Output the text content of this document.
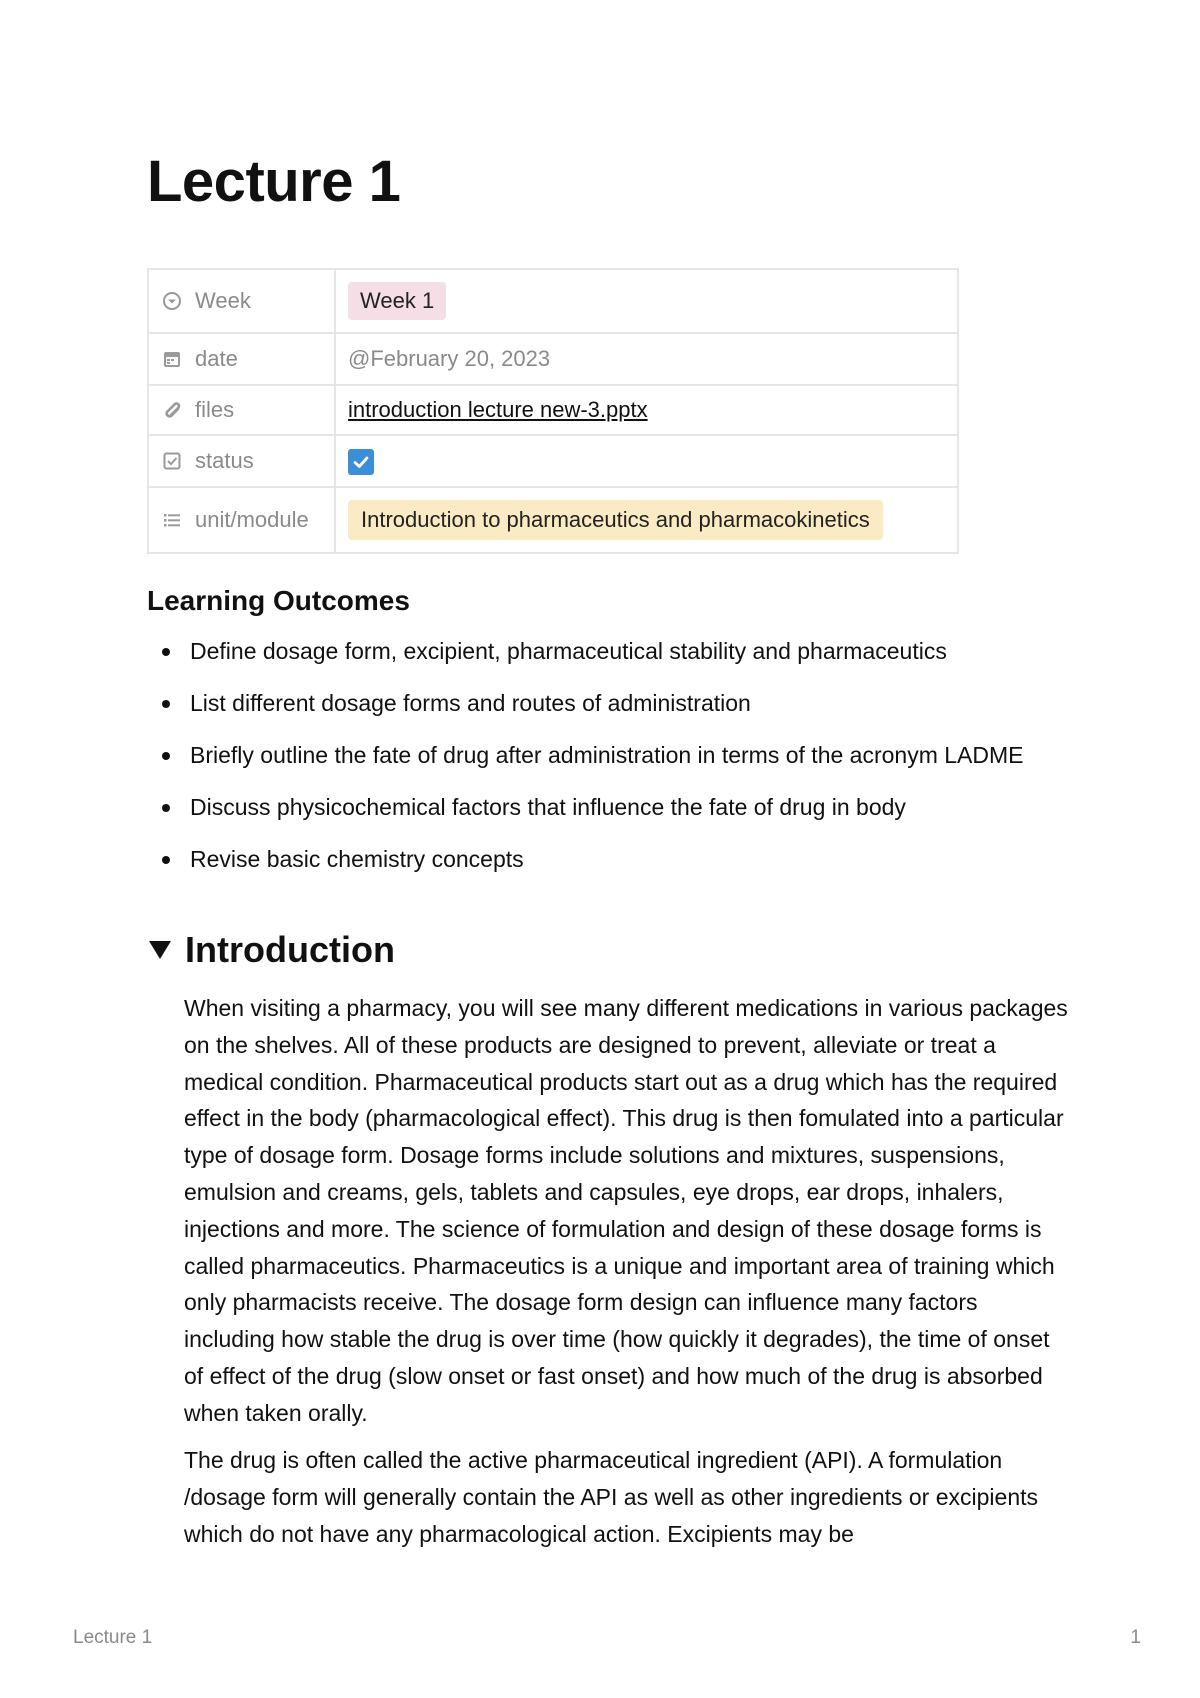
Lecture 1
Week	Week 1

date	@February 20, 2023

files	introduction lecture new-3.pptx

status

unit/module	Introduction to pharmaceutics and pharmacokinetics
Learning Outcomes
Define dosage form, excipient, pharmaceutical stability and pharmaceutics
List different dosage forms and routes of administration
Briefly outline the fate of drug after administration in terms of the acronym LADME
Discuss physicochemical factors that influence the fate of drug in body
Revise basic chemistry concepts
Introduction

When visiting a pharmacy, you will see many different medications in various packages on the shelves. All of these products are designed to prevent, alleviate or treat a medical condition. Pharmaceutical products start out as a drug which has the required effect in the body (pharmacological effect). This drug is then fomulated into a particular type of dosage form. Dosage forms include solutions and mixtures, suspensions, emulsion and creams, gels, tablets and capsules, eye drops, ear drops, inhalers, injections and more. The science of formulation and design of these dosage forms is called pharmaceutics. Pharmaceutics is a unique and important area of training which only pharmacists receive. The dosage form design can influence many factors including how stable the drug is over time (how quickly it degrades), the time of onset of effect of the drug (slow onset or fast onset) and how much of the drug is absorbed when taken orally.

The drug is often called the active pharmaceutical ingredient (API). A formulation /dosage form will generally contain the API as well as other ingredients or excipients which do not have any pharmacological action. Excipients may be

Lecture 1	1
